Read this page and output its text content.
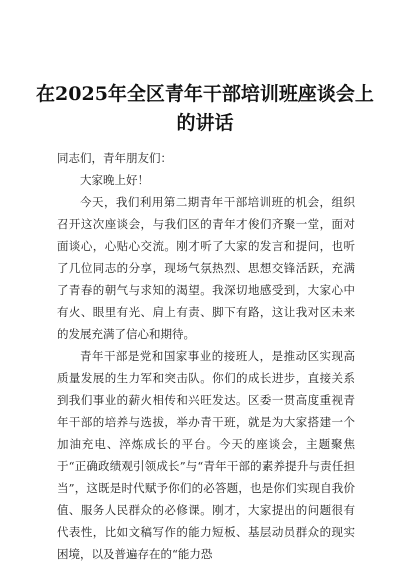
在2025年全区青年干部培训班座谈会上的讲话

同志们，青年朋友们：

大家晚上好！

今天，我们利用第二期青年干部培训班的机会，组织召开这次座谈会，与我们区的青年才俊们齐聚一堂，面对面谈心，心贴心交流。刚才听了大家的发言和提问，也听了几位同志的分享，现场气氛热烈、思想交锋活跃，充满了青春的朝气与求知的渴望。我深切地感受到，大家心中有火、眼里有光、肩上有责、脚下有路，这让我对区未来的发展充满了信心和期待。

青年干部是党和国家事业的接班人，是推动区实现高质量发展的生力军和突击队。你们的成长进步，直接关系到我们事业的薪火相传和兴旺发达。区委一贯高度重视青年干部的培养与选拔，举办青干班，就是为大家搭建一个加油充电、淬炼成长的平台。今天的座谈会，主题聚焦于“正确政绩观引领成长”与“青年干部的素养提升与责任担当”，这既是时代赋予你们的必答题，也是你们实现自我价值、服务人民群众的必修课。刚才，大家提出的问题很有代表性，比如文稿写作的能力短板、基层动员群众的现实困境，以及普遍存在的“能力恐
